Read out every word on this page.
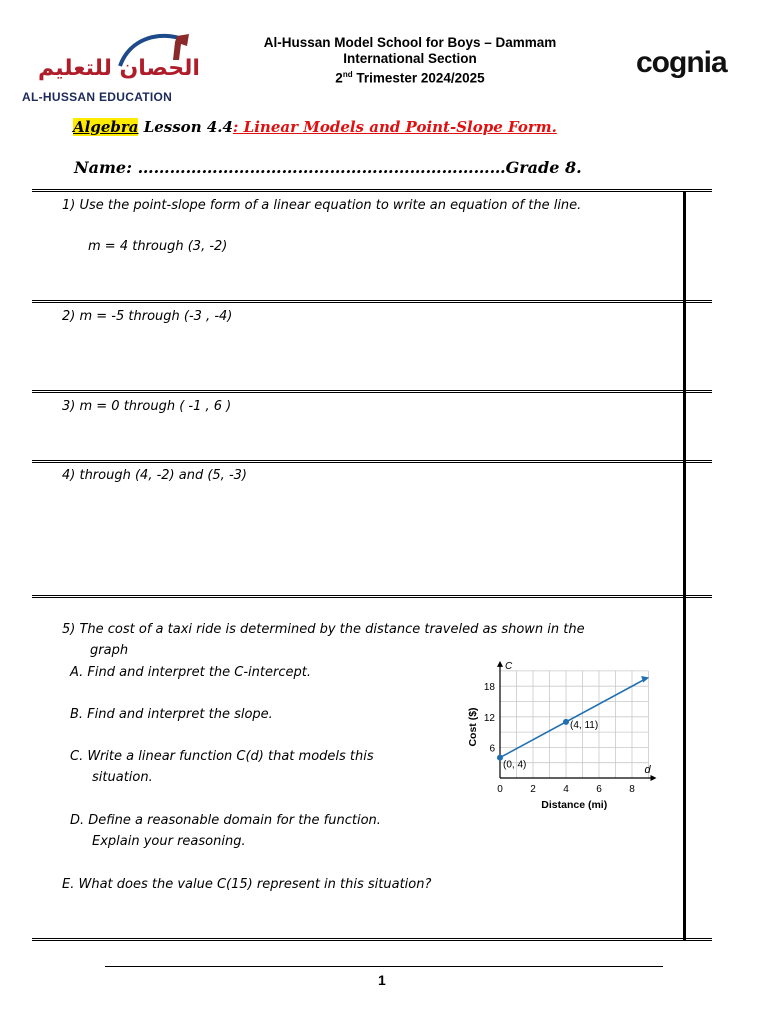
الحصان للتعليم
AL-HUSSAN EDUCATION
Al-Hussan Model School for Boys – Dammam
International Section
2nd Trimester 2024/2025	cognia
Algebra Lesson 4.4: Linear Models and Point-Slope Form.
Name: ……………………………………………………………Grade 8.
1) Use the point-slope form of a linear equation to write an equation of the line.
m = 4 through (3, -2)
2) m = -5 through (-3 , -4)
3) m = 0 through ( -1 , 6 )
4) through (4, -2) and (5, -3)
5) The cost of a taxi ride is determined by the distance traveled as shown in the
graph
A. Find and interpret the C-intercept.
B. Find and interpret the slope.
C. Write a linear function C(d) that models this
situation.
D. Define a reasonable domain for the function.
Explain your reasoning.
E. What does the value C(15) represent in this situation?
0	2	4	6	8
6
12
18
Distance (mi)
Cost ($)
C
d
(0, 4)
(4, 11)
1
